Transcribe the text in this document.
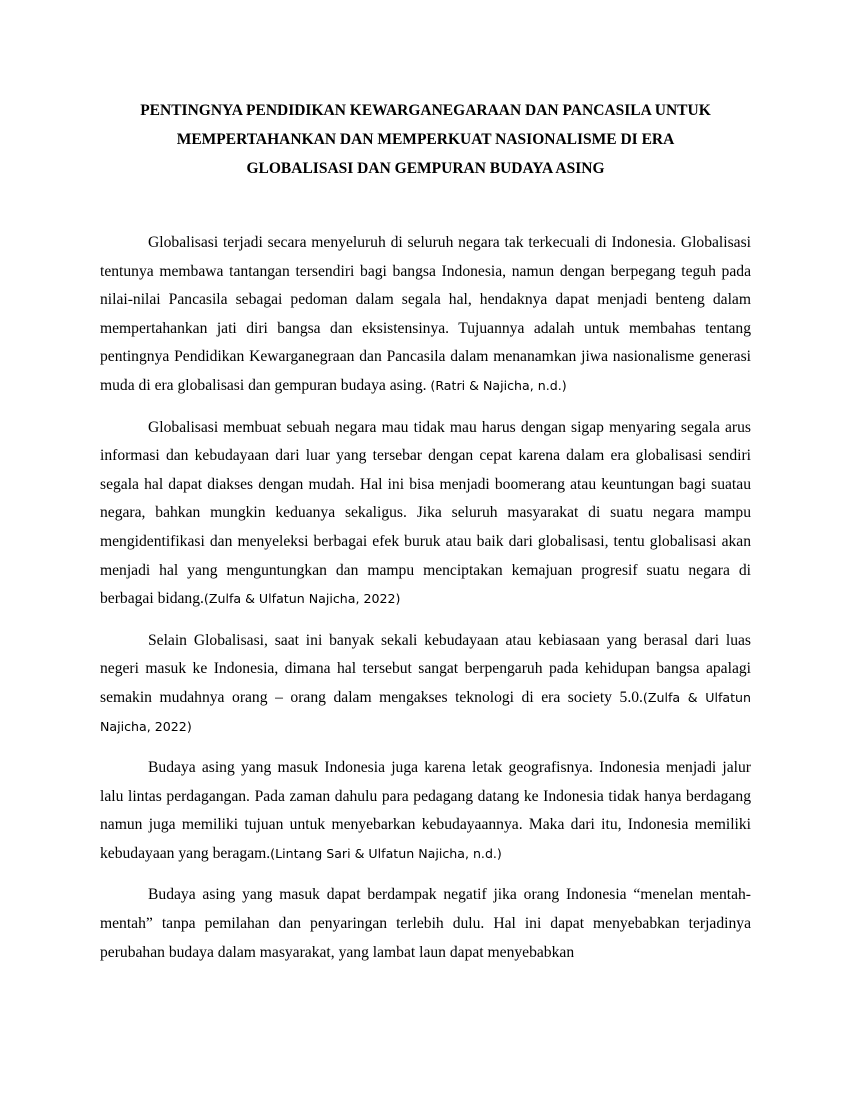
PENTINGNYA PENDIDIKAN KEWARGANEGARAAN DAN PANCASILA UNTUK
MEMPERTAHANKAN DAN MEMPERKUAT NASIONALISME DI ERA
GLOBALISASI DAN GEMPURAN BUDAYA ASING

Globalisasi terjadi secara menyeluruh di seluruh negara tak terkecuali di Indonesia. Globalisasi tentunya membawa tantangan tersendiri bagi bangsa Indonesia, namun dengan berpegang teguh pada nilai-nilai Pancasila sebagai pedoman dalam segala hal, hendaknya dapat menjadi benteng dalam mempertahankan jati diri bangsa dan eksistensinya. Tujuannya adalah untuk membahas tentang pentingnya Pendidikan Kewarganegraan dan Pancasila dalam menanamkan jiwa nasionalisme generasi muda di era globalisasi dan gempuran budaya asing. (Ratri & Najicha, n.d.)

Globalisasi membuat sebuah negara mau tidak mau harus dengan sigap menyaring segala arus informasi dan kebudayaan dari luar yang tersebar dengan cepat karena dalam era globalisasi sendiri segala hal dapat diakses dengan mudah. Hal ini bisa menjadi boomerang atau keuntungan bagi suatau negara, bahkan mungkin keduanya sekaligus. Jika seluruh masyarakat di suatu negara mampu mengidentifikasi dan menyeleksi berbagai efek buruk atau baik dari globalisasi, tentu globalisasi akan menjadi hal yang menguntungkan dan mampu menciptakan kemajuan progresif suatu negara di berbagai bidang.(Zulfa & Ulfatun Najicha, 2022)

Selain Globalisasi, saat ini banyak sekali kebudayaan atau kebiasaan yang berasal dari luas negeri masuk ke Indonesia, dimana hal tersebut sangat berpengaruh pada kehidupan bangsa apalagi semakin mudahnya orang – orang dalam mengakses teknologi di era society 5.0.(Zulfa & Ulfatun Najicha, 2022)

Budaya asing yang masuk Indonesia juga karena letak geografisnya. Indonesia menjadi jalur lalu lintas perdagangan. Pada zaman dahulu para pedagang datang ke Indonesia tidak hanya berdagang namun juga memiliki tujuan untuk menyebarkan kebudayaannya. Maka dari itu, Indonesia memiliki kebudayaan yang beragam.(Lintang Sari & Ulfatun Najicha, n.d.)

Budaya asing yang masuk dapat berdampak negatif jika orang Indonesia “menelan mentah-mentah” tanpa pemilahan dan penyaringan terlebih dulu. Hal ini dapat menyebabkan terjadinya perubahan budaya dalam masyarakat, yang lambat laun dapat menyebabkan
